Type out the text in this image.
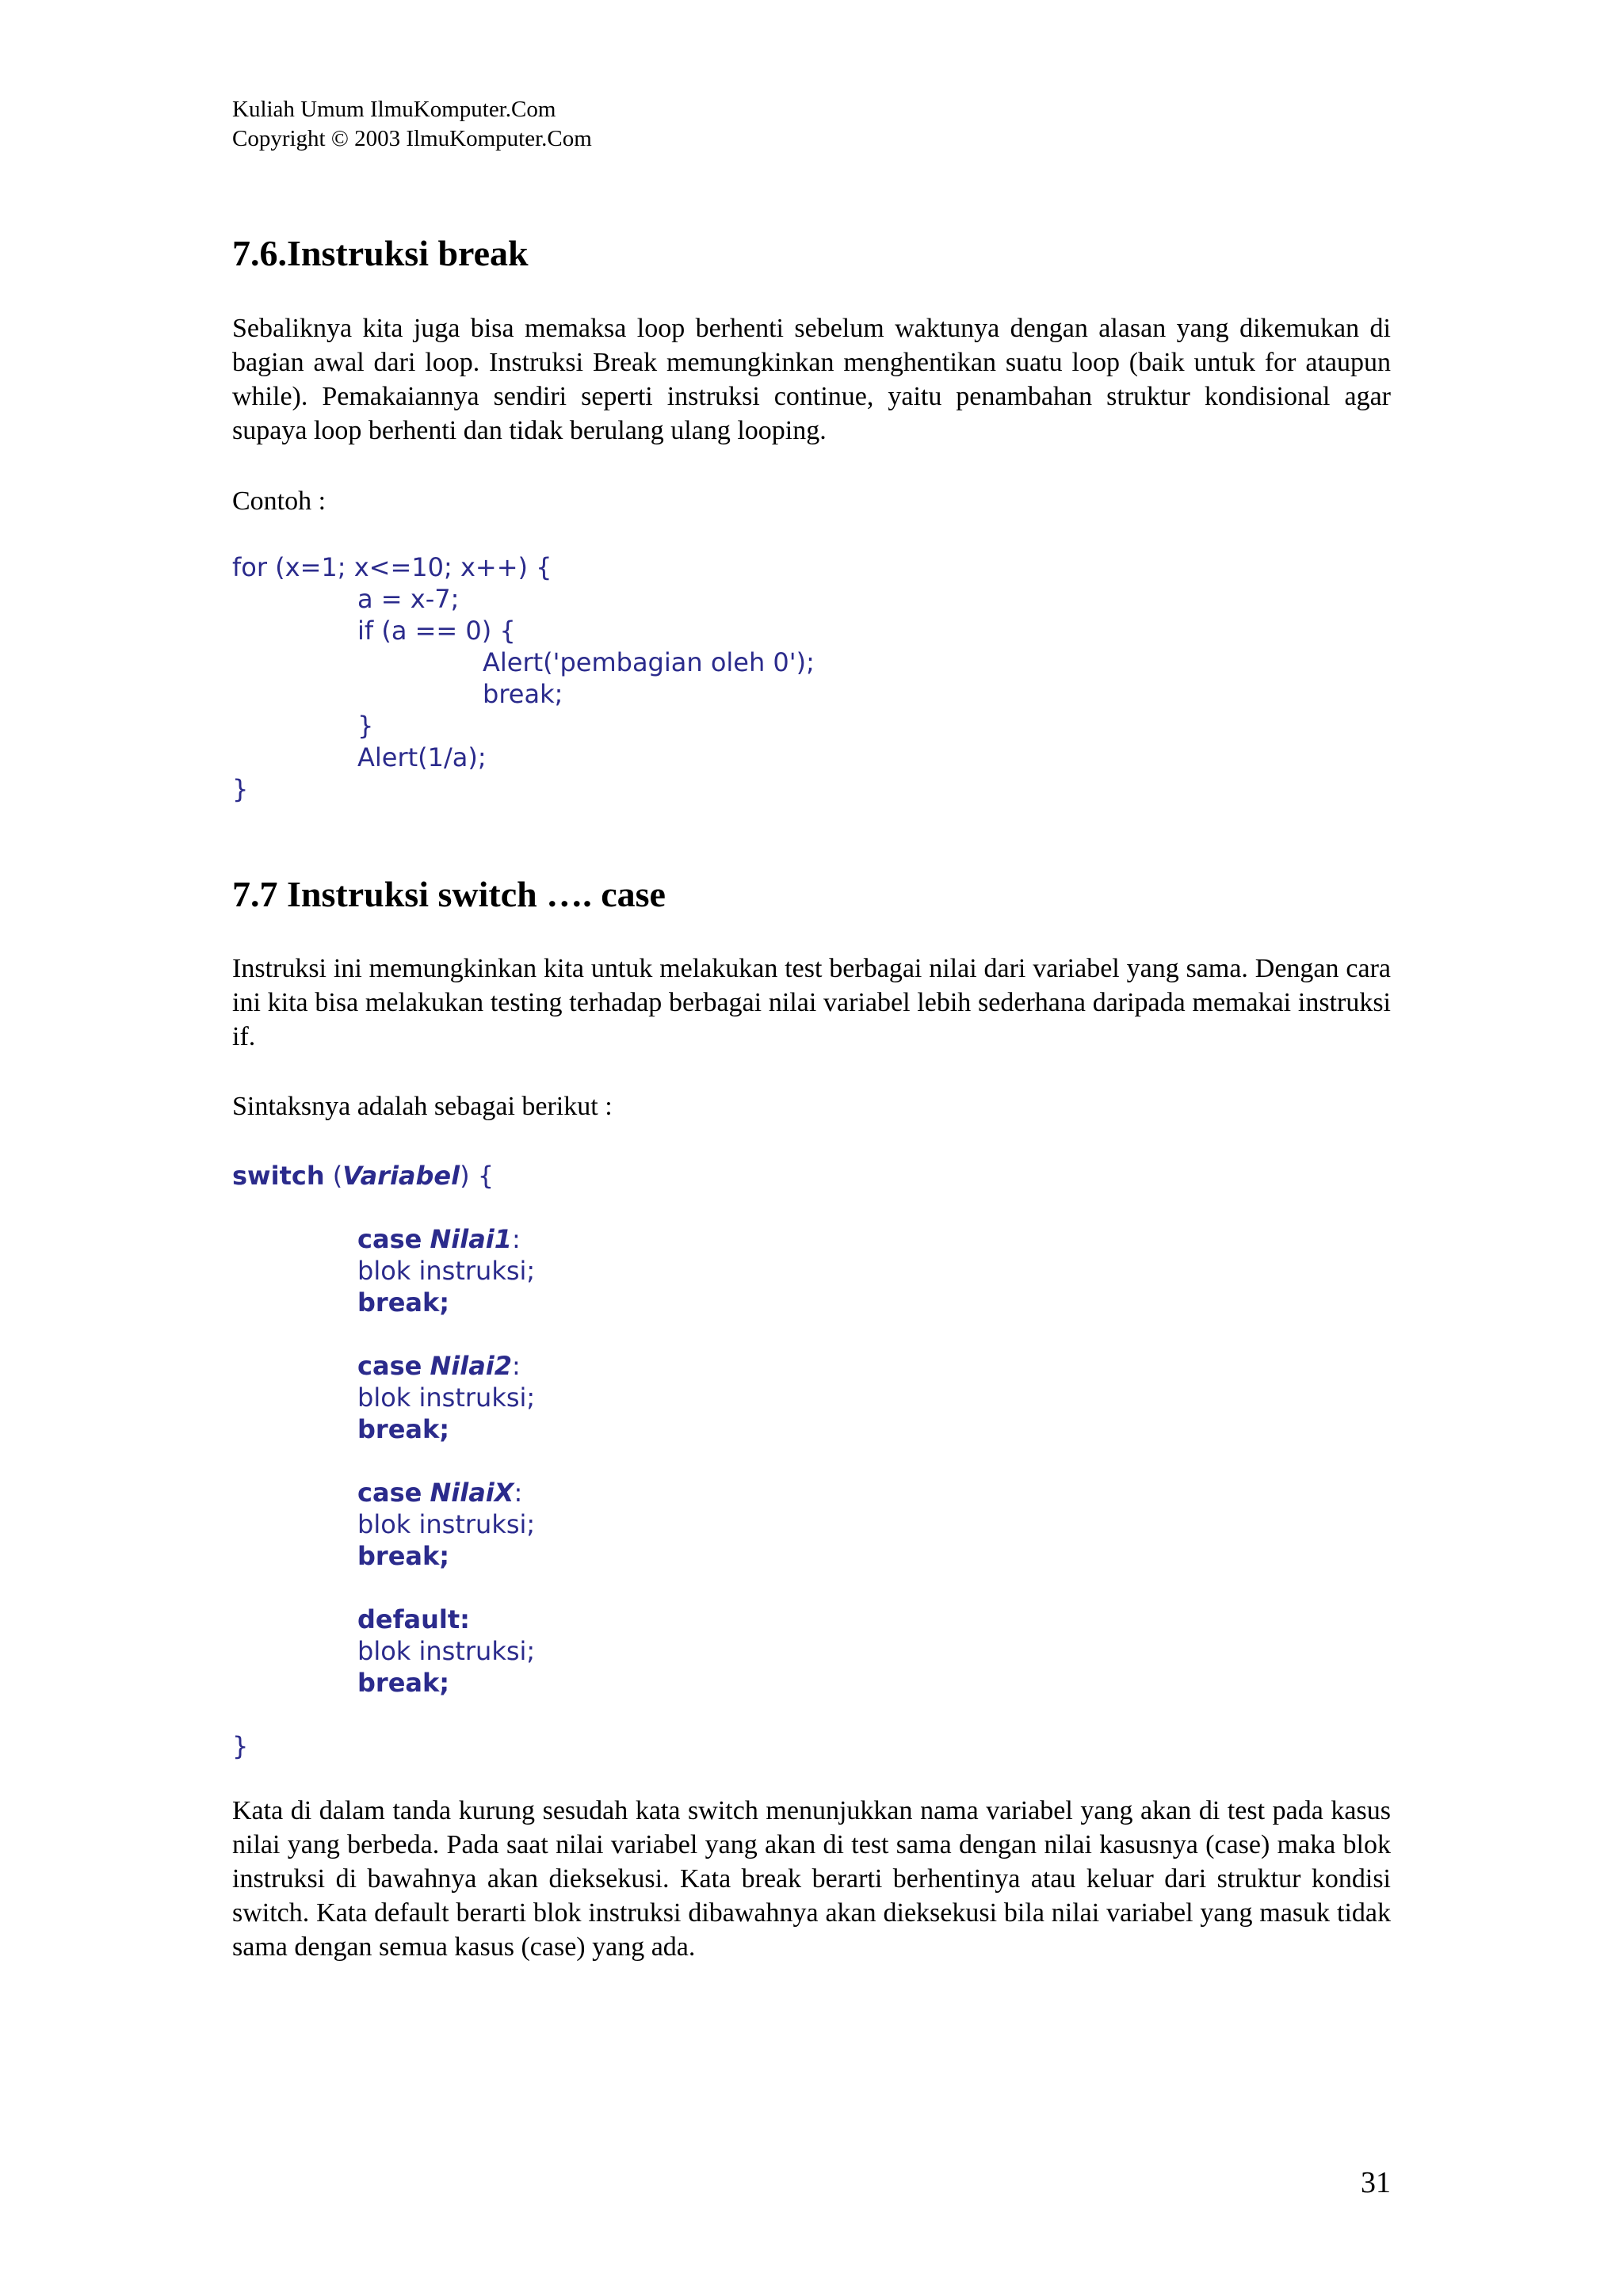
Kuliah Umum IlmuKomputer.Com
Copyright © 2003 IlmuKomputer.Com
7.6.Instruksi break

Sebaliknya kita juga bisa memaksa loop berhenti sebelum waktunya dengan alasan yang dikemukan di bagian awal dari loop. Instruksi Break memungkinkan menghentikan suatu loop (baik untuk for ataupun while). Pemakaiannya sendiri seperti instruksi continue, yaitu penambahan struktur kondisional agar supaya loop berhenti dan tidak berulang ulang looping.

Contoh :

for (x=1; x<=10; x++) {
a = x-7;
if (a == 0) {
Alert('pembagian oleh 0');
break;
}
Alert(1/a);
}
7.7 Instruksi switch …. case

Instruksi ini memungkinkan kita untuk melakukan test berbagai nilai dari variabel yang sama. Dengan cara ini kita bisa melakukan testing terhadap berbagai nilai variabel lebih sederhana daripada memakai instruksi if.

Sintaksnya adalah sebagai berikut :

switch (Variabel) {
case Nilai1:
blok instruksi;
break;
case Nilai2:
blok instruksi;
break;
case NilaiX:
blok instruksi;
break;
default:
blok instruksi;
break;
}

Kata di dalam tanda kurung sesudah kata switch menunjukkan nama variabel yang akan di test pada kasus nilai yang berbeda. Pada saat nilai variabel yang akan di test sama dengan nilai kasusnya (case) maka blok instruksi di bawahnya akan dieksekusi. Kata break berarti berhentinya atau keluar dari struktur kondisi switch. Kata default berarti blok instruksi dibawahnya akan dieksekusi bila nilai variabel yang masuk tidak sama dengan semua kasus (case) yang ada.

31
